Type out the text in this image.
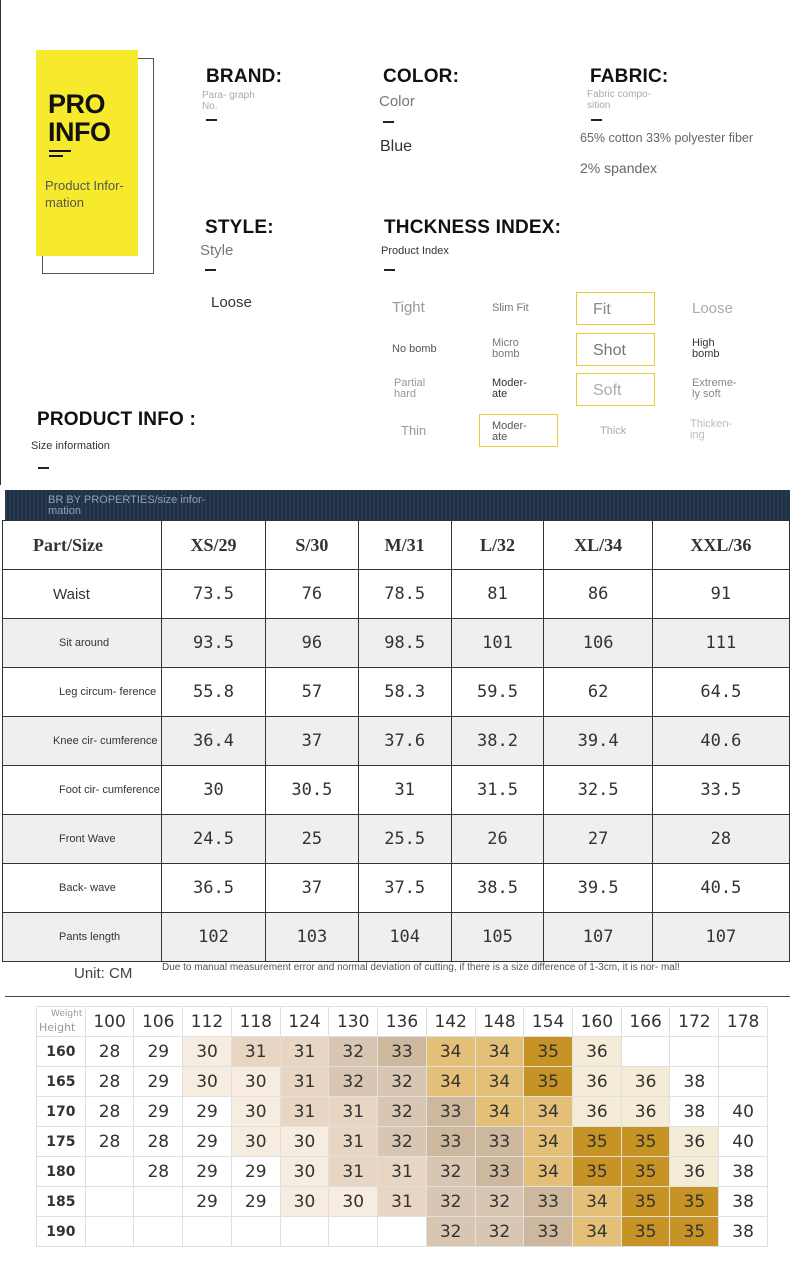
PRO
INFO
Product Infor- mation
BRAND:
Para- graph No.
COLOR:
Color
Blue
FABRIC:
Fabric compo- sition
65% cotton 33% polyester fiber
2% spandex
STYLE:
Style
Loose
THCKNESS INDEX:
Product Index
Tight	Slim Fit	Fit	Loose
No bomb	Micro bomb	Shot	High bomb
Partial hard
Moder- ate	Soft	Extreme- ly soft
Thin	Moder- ate	Thick
Thicken- ing
PRODUCT INFO :
Size information
BR BY PROPERTIES/size infor- mation
Part/Size	XS/29	S/30	M/31	L/32	XL/34	XXL/36
Waist	73.5	76	78.5	81	86	91
Sit around	93.5	96	98.5	101	106	111
Leg circum- ference	55.8	57	58.3	59.5	62	64.5
Knee cir- cumference	36.4	37	37.6	38.2	39.4	40.6
Foot cir- cumference	30	30.5	31	31.5	32.5	33.5
Front Wave	24.5	25	25.5	26	27	28
Back- wave	36.5	37	37.5	38.5	39.5	40.5
Pants length	102	103	104	105	107	107
Unit: CM	Due to manual measurement error and normal deviation of cutting, if there is a size difference of 1-3cm, it is nor- mal!
Weight
Height	100	106	112	118	124	130	136	142	148	154	160	166	172	178
160	28	29	30	31	31	32	33	34	34	35	36			
165	28	29	30	30	31	32	32	34	34	35	36	36	38	
170	28	29	29	30	31	31	32	33	34	34	36	36	38	40
175	28	28	29	30	30	31	32	33	33	34	35	35	36	40
180		28	29	29	30	31	31	32	33	34	35	35	36	38
185			29	29	30	30	31	32	32	33	34	35	35	38
190								32	32	33	34	35	35	38
